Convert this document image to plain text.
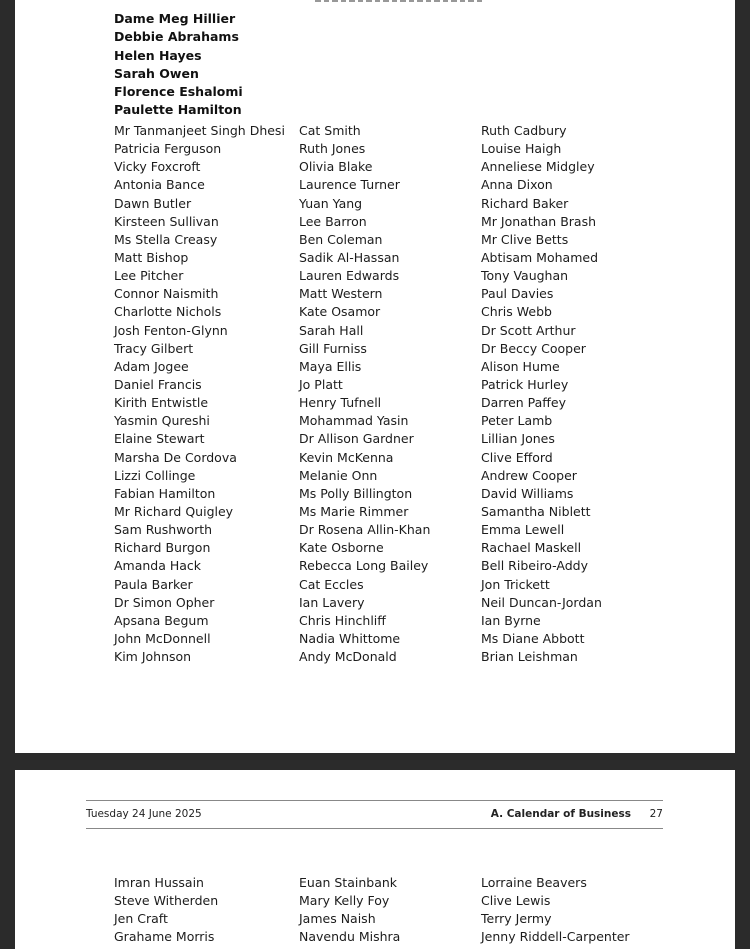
Dame Meg Hillier
Debbie Abrahams
Helen Hayes
Sarah Owen
Florence Eshalomi
Paulette Hamilton
Mr Tanmanjeet Singh Dhesi
Patricia Ferguson
Vicky Foxcroft
Antonia Bance
Dawn Butler
Kirsteen Sullivan
Ms Stella Creasy
Matt Bishop
Lee Pitcher
Connor Naismith
Charlotte Nichols
Josh Fenton-Glynn
Tracy Gilbert
Adam Jogee
Daniel Francis
Kirith Entwistle
Yasmin Qureshi
Elaine Stewart
Marsha De Cordova
Lizzi Collinge
Fabian Hamilton
Mr Richard Quigley
Sam Rushworth
Richard Burgon
Amanda Hack
Paula Barker
Dr Simon Opher
Apsana Begum
John McDonnell
Kim Johnson
Cat Smith
Ruth Jones
Olivia Blake
Laurence Turner
Yuan Yang
Lee Barron
Ben Coleman
Sadik Al-Hassan
Lauren Edwards
Matt Western
Kate Osamor
Sarah Hall
Gill Furniss
Maya Ellis
Jo Platt
Henry Tufnell
Mohammad Yasin
Dr Allison Gardner
Kevin McKenna
Melanie Onn
Ms Polly Billington
Ms Marie Rimmer
Dr Rosena Allin-Khan
Kate Osborne
Rebecca Long Bailey
Cat Eccles
Ian Lavery
Chris Hinchliff
Nadia Whittome
Andy McDonald
Ruth Cadbury
Louise Haigh
Anneliese Midgley
Anna Dixon
Richard Baker
Mr Jonathan Brash
Mr Clive Betts
Abtisam Mohamed
Tony Vaughan
Paul Davies
Chris Webb
Dr Scott Arthur
Dr Beccy Cooper
Alison Hume
Patrick Hurley
Darren Paffey
Peter Lamb
Lillian Jones
Clive Efford
Andrew Cooper
David Williams
Samantha Niblett
Emma Lewell
Rachael Maskell
Bell Ribeiro-Addy
Jon Trickett
Neil Duncan-Jordan
Ian Byrne
Ms Diane Abbott
Brian Leishman
Tuesday 24 June 2025	A. Calendar of Business 27
Imran Hussain
Steve Witherden
Jen Craft
Grahame Morris
Euan Stainbank
Mary Kelly Foy
James Naish
Navendu Mishra
Lorraine Beavers
Clive Lewis
Terry Jermy
Jenny Riddell-Carpenter
